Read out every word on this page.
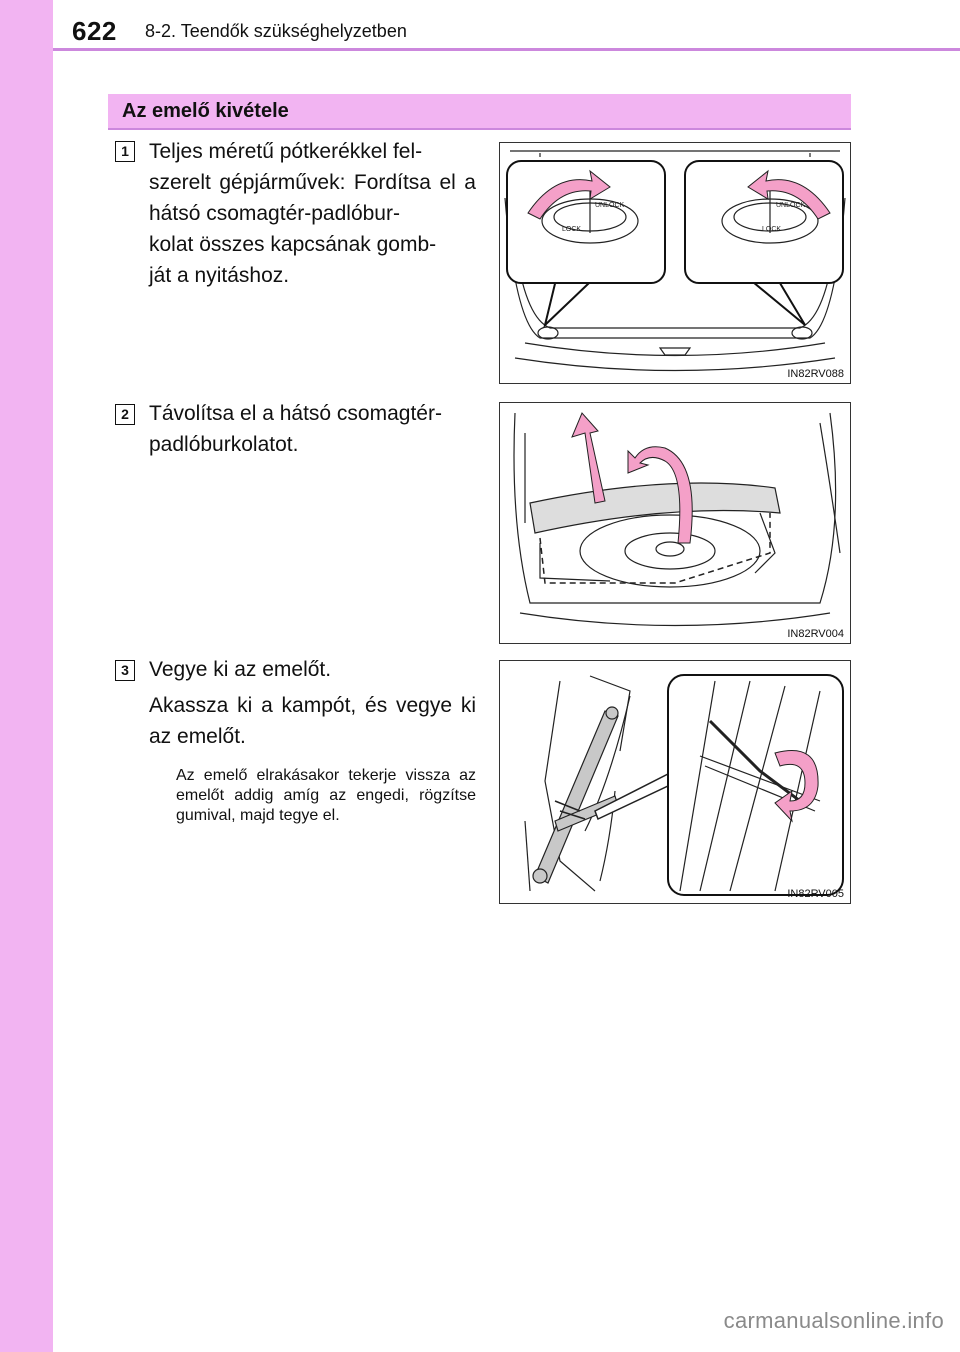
622 8-2. Teendők szükséghelyzetben
Az emelő kivétele
1 Teljes méretű pótkerékkel fel-
szerelt gépjárművek: Fordítsa el a hátsó csomagtér-padlóbur-
kolat összes kapcsának gomb-
ját a nyitáshoz.
UNLOCK
LOCK
UNLOCK
LOCK
IN82RV088
2 Távolítsa el a hátsó csomagtér-
padlóburkolatot.
IN82RV004
3 Vegye ki az emelőt.
Akassza ki a kampót, és vegye ki az emelőt.
Az emelő elrakásakor tekerje vissza az emelőt addig amíg az engedi, rögzítse gumival, majd tegye el.
IN82RV005
carmanualsonline.info
